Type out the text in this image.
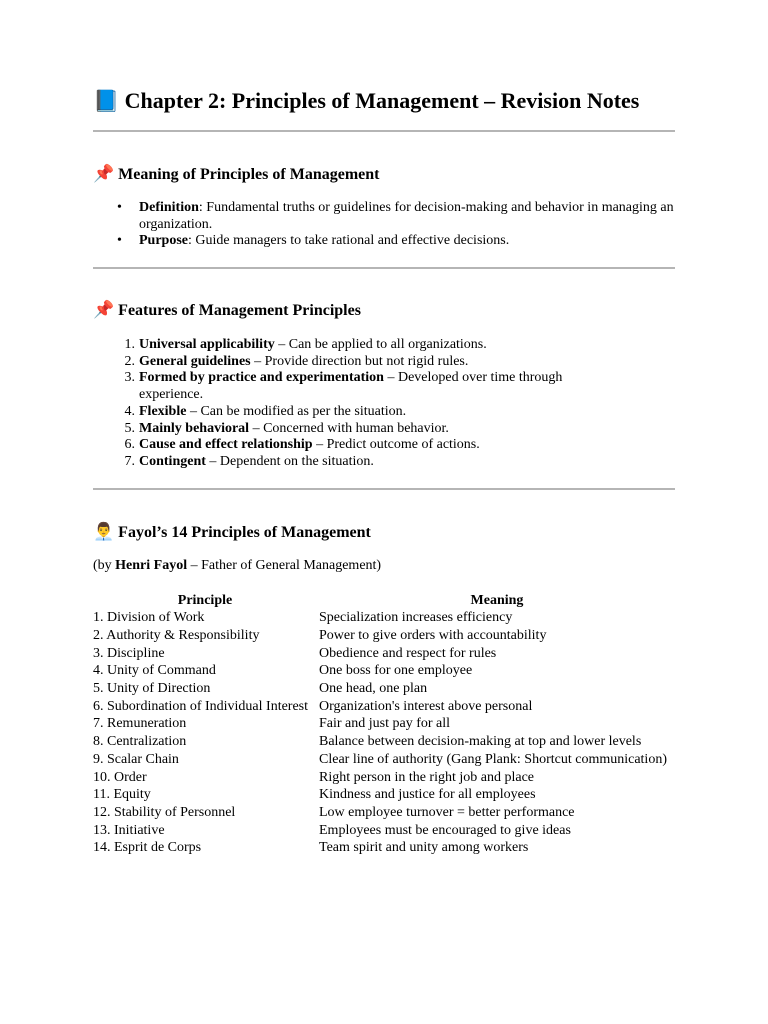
📘 Chapter 2: Principles of Management – Revision Notes
📌 Meaning of Principles of Management
• Definition: Fundamental truths or guidelines for decision-making and behavior in managing an organization.
• Purpose: Guide managers to take rational and effective decisions.
📌 Features of Management Principles
1. Universal applicability – Can be applied to all organizations.
2. General guidelines – Provide direction but not rigid rules.
3. Formed by practice and experimentation – Developed over time through experience.
4. Flexible – Can be modified as per the situation.
5. Mainly behavioral – Concerned with human behavior.
6. Cause and effect relationship – Predict outcome of actions.
7. Contingent – Dependent on the situation.
👨‍💼 Fayol’s 14 Principles of Management
(by Henri Fayol – Father of General Management)
Principle	Meaning
1. Division of Work	Specialization increases efficiency
2. Authority & Responsibility	Power to give orders with accountability
3. Discipline	Obedience and respect for rules
4. Unity of Command	One boss for one employee
5. Unity of Direction	One head, one plan
6. Subordination of Individual Interest	Organization's interest above personal
7. Remuneration	Fair and just pay for all
8. Centralization	Balance between decision-making at top and lower levels
9. Scalar Chain	Clear line of authority (Gang Plank: Shortcut communication)
10. Order	Right person in the right job and place
11. Equity	Kindness and justice for all employees
12. Stability of Personnel	Low employee turnover = better performance
13. Initiative	Employees must be encouraged to give ideas
14. Esprit de Corps	Team spirit and unity among workers
